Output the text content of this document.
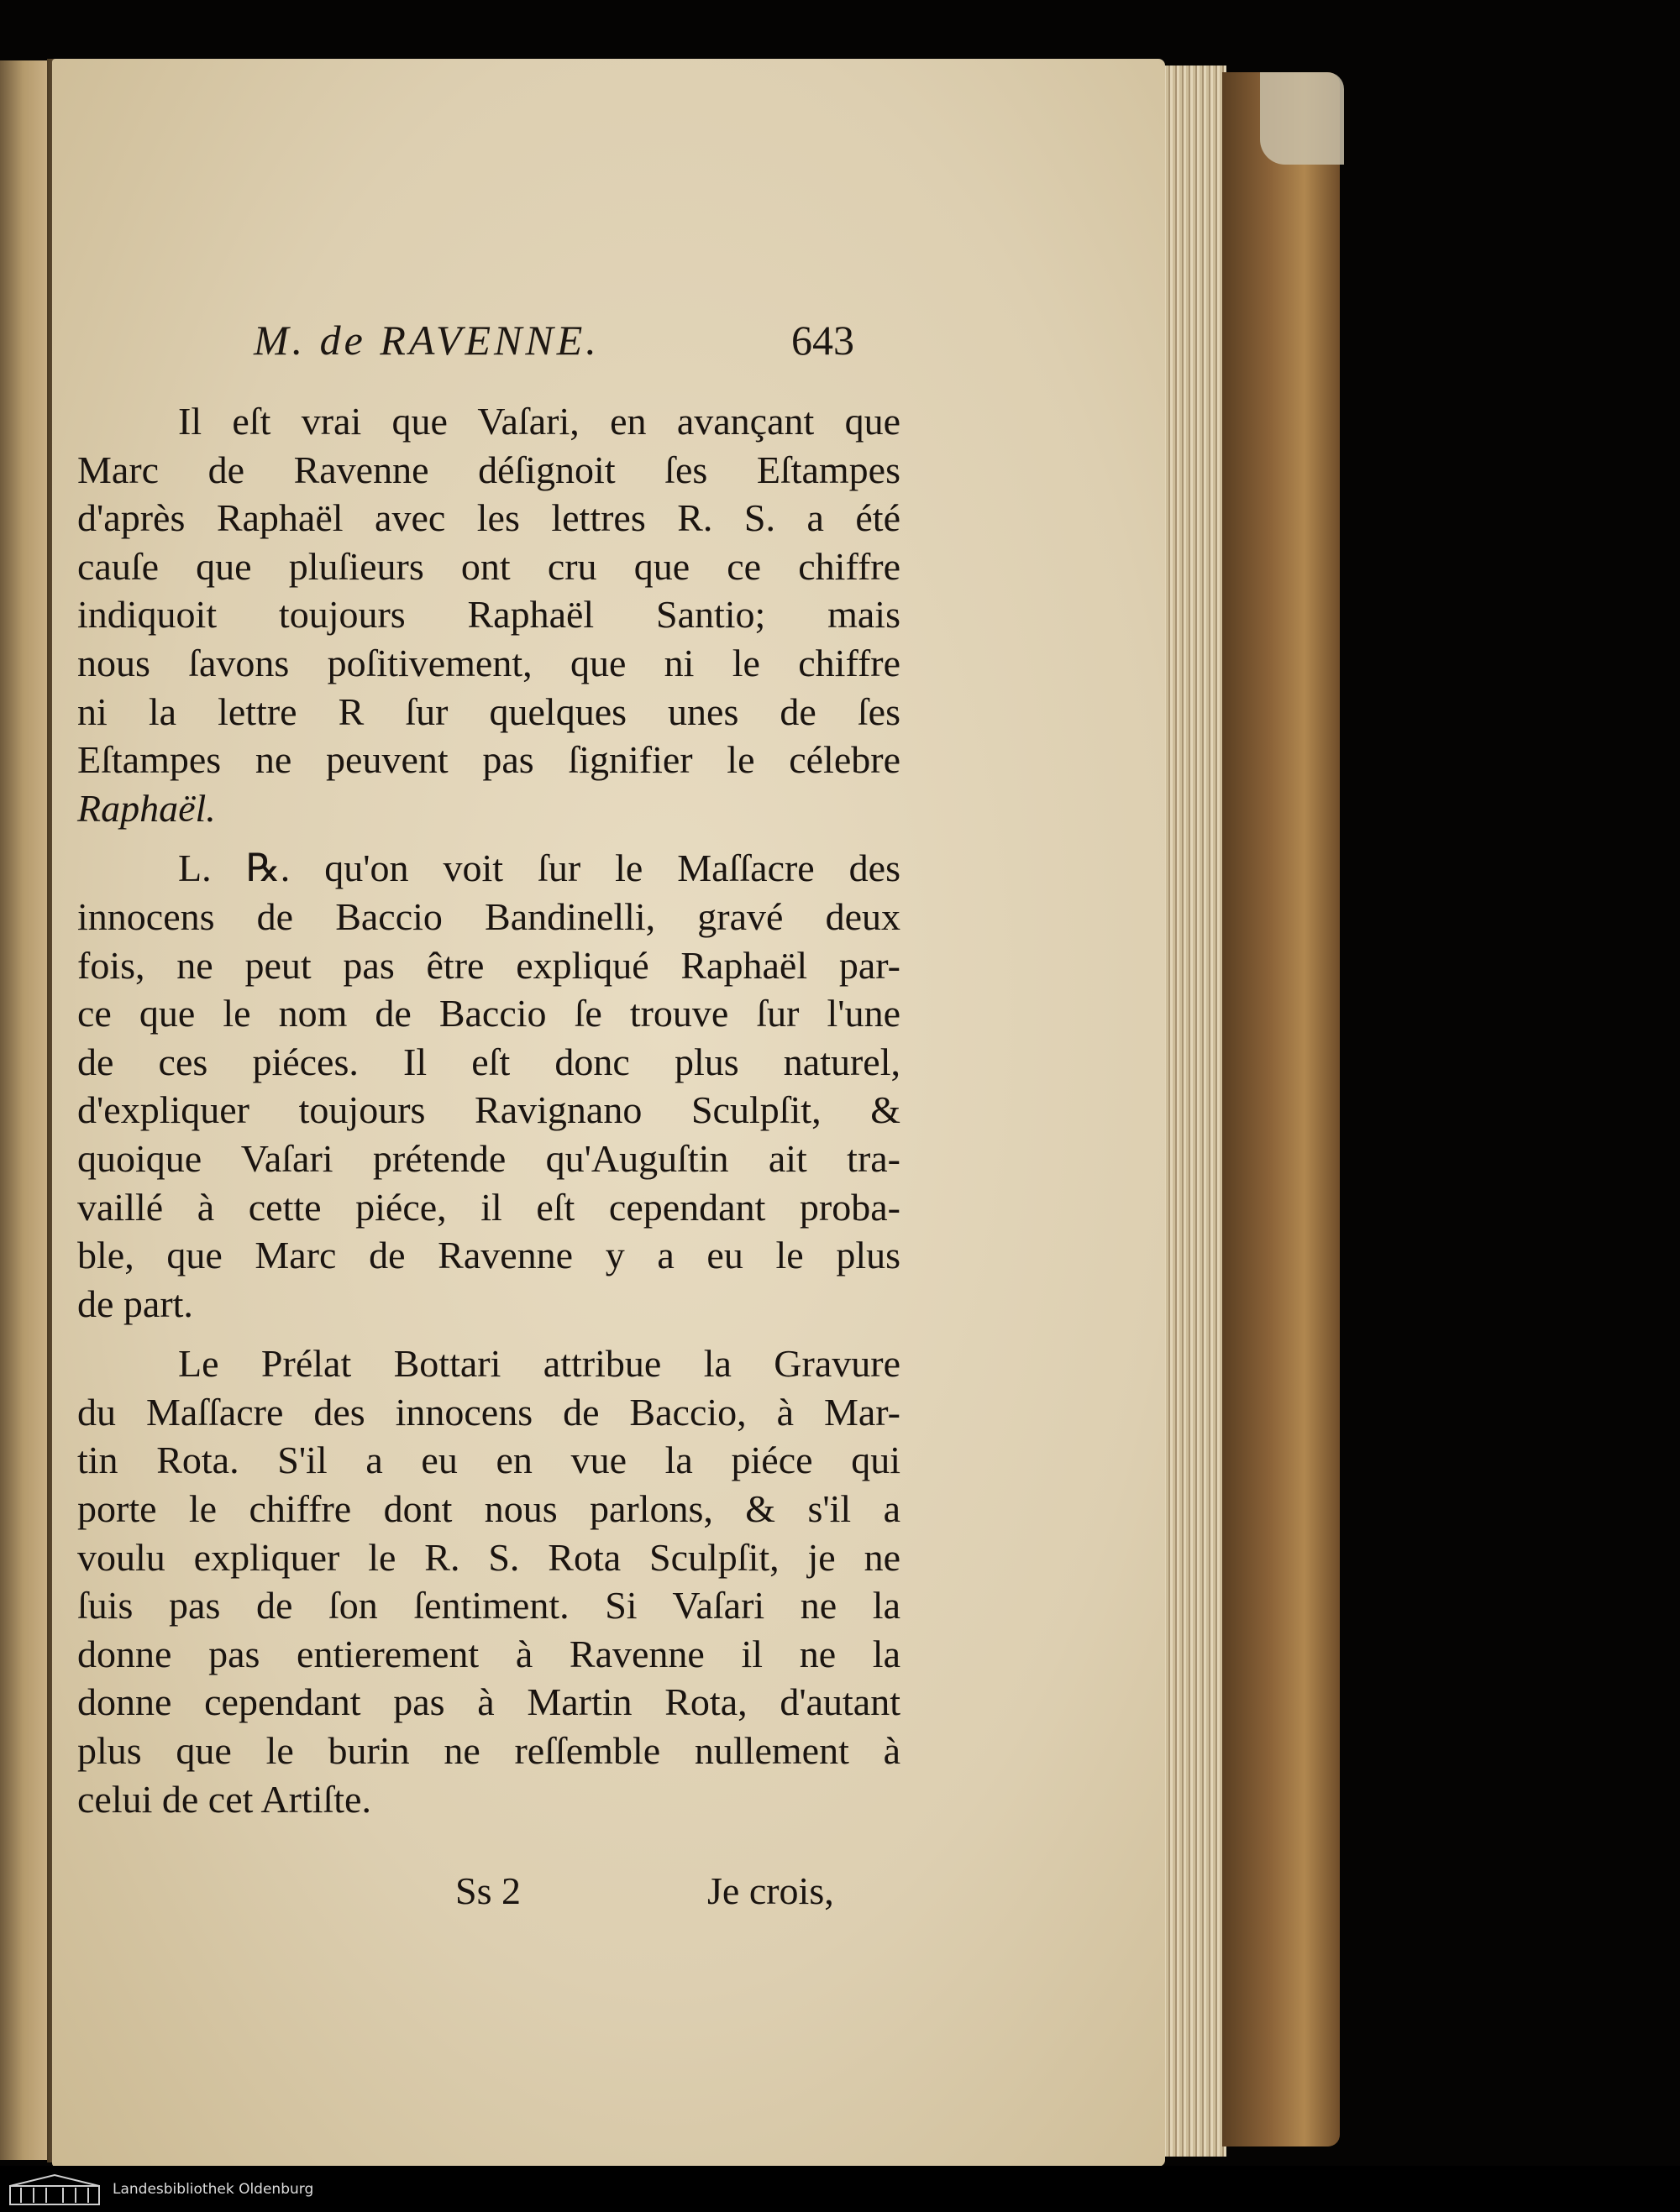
M. de RAVENNE.	643
Il eſt vrai que Vaſari, en avançant que
Marc de Ravenne déſignoit ſes Eſtampes
d'après Raphaël avec les lettres R. S. a été
cauſe que pluſieurs ont cru que ce chiffre
indiquoit toujours Raphaël Santio; mais
nous ſavons poſitivement, que ni le chiffre
ni la lettre R ſur quelques unes de ſes
Eſtampes ne peuvent pas ſignifier le célebre
Raphaël.
L. ℞. qu'on voit ſur le Maſſacre des
innocens de Baccio Bandinelli, gravé deux
fois, ne peut pas être expliqué Raphaël par-
ce que le nom de Baccio ſe trouve ſur l'une
de ces piéces. Il eſt donc plus naturel,
d'expliquer toujours Ravignano Sculpſit, &
quoique Vaſari prétende qu'Auguſtin ait tra-
vaillé à cette piéce, il eſt cependant proba-
ble, que Marc de Ravenne y a eu le plus
de part.
Le Prélat Bottari attribue la Gravure
du Maſſacre des innocens de Baccio, à Mar-
tin Rota. S'il a eu en vue la piéce qui
porte le chiffre dont nous parlons, & s'il a
voulu expliquer le R. S. Rota Sculpſit, je ne
ſuis pas de ſon ſentiment. Si Vaſari ne la
donne pas entierement à Ravenne il ne la
donne cependant pas à Martin Rota, d'autant
plus que le burin ne reſſemble nullement à
celui de cet Artiſte.
Ss 2	Je crois,
Landesbibliothek Oldenburg
